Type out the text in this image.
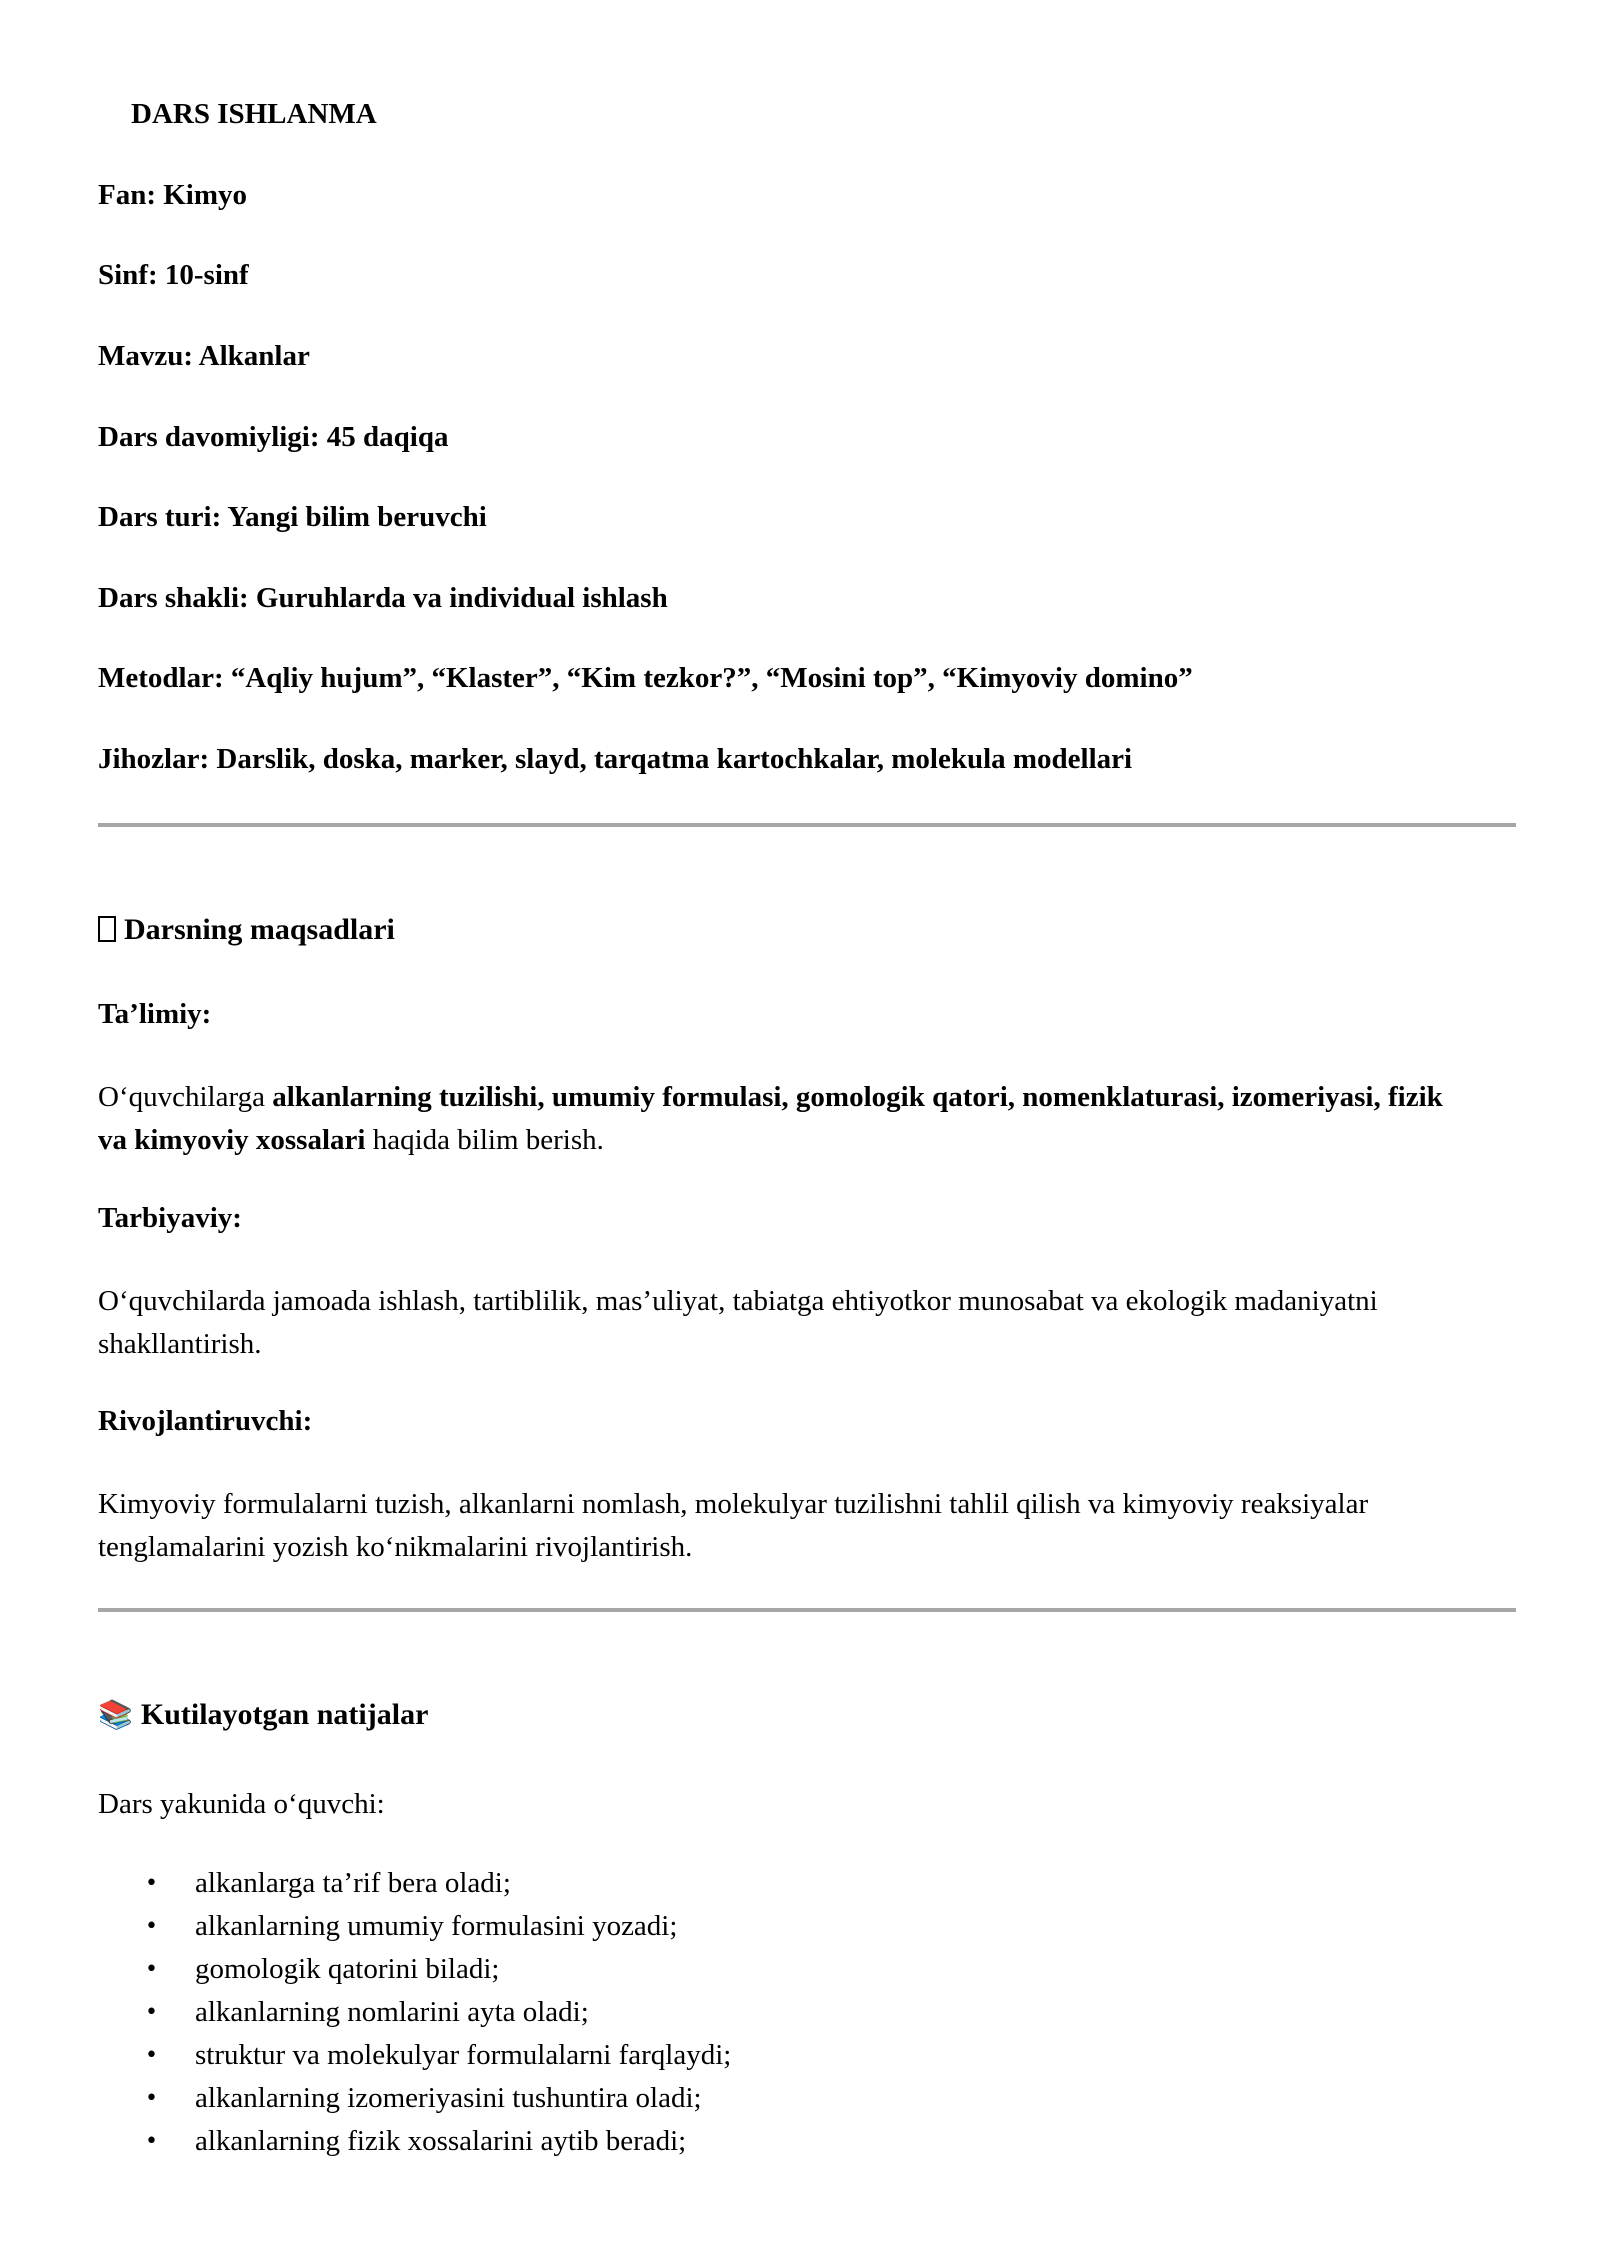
DARS ISHLANMA
Fan: Kimyo
Sinf: 10-sinf
Mavzu: Alkanlar
Dars davomiyligi: 45 daqiqa
Dars turi: Yangi bilim beruvchi
Dars shakli: Guruhlarda va individual ishlash
Metodlar: “Aqliy hujum”, “Klaster”, “Kim tezkor?”, “Mosini top”, “Kimyoviy domino”
Jihozlar: Darslik, doska, marker, slayd, tarqatma kartochkalar, molekula modellari
Darsning maqsadlari
Ta’limiy:
O‘quvchilarga alkanlarning tuzilishi, umumiy formulasi, gomologik qatori, nomenklaturasi, izomeriyasi, fizik va kimyoviy xossalari haqida bilim berish.
Tarbiyaviy:
O‘quvchilarda jamoada ishlash, tartiblilik, mas’uliyat, tabiatga ehtiyotkor munosabat va ekologik madaniyatni shakllantirish.
Rivojlantiruvchi:
Kimyoviy formulalarni tuzish, alkanlarni nomlash, molekulyar tuzilishni tahlil qilish va kimyoviy reaksiyalar tenglamalarini yozish ko‘nikmalarini rivojlantirish.
📚 Kutilayotgan natijalar
Dars yakunida o‘quvchi:
• alkanlarga ta’rif bera oladi;
• alkanlarning umumiy formulasini yozadi;
• gomologik qatorini biladi;
• alkanlarning nomlarini ayta oladi;
• struktur va molekulyar formulalarni farqlaydi;
• alkanlarning izomeriyasini tushuntira oladi;
• alkanlarning fizik xossalarini aytib beradi;
